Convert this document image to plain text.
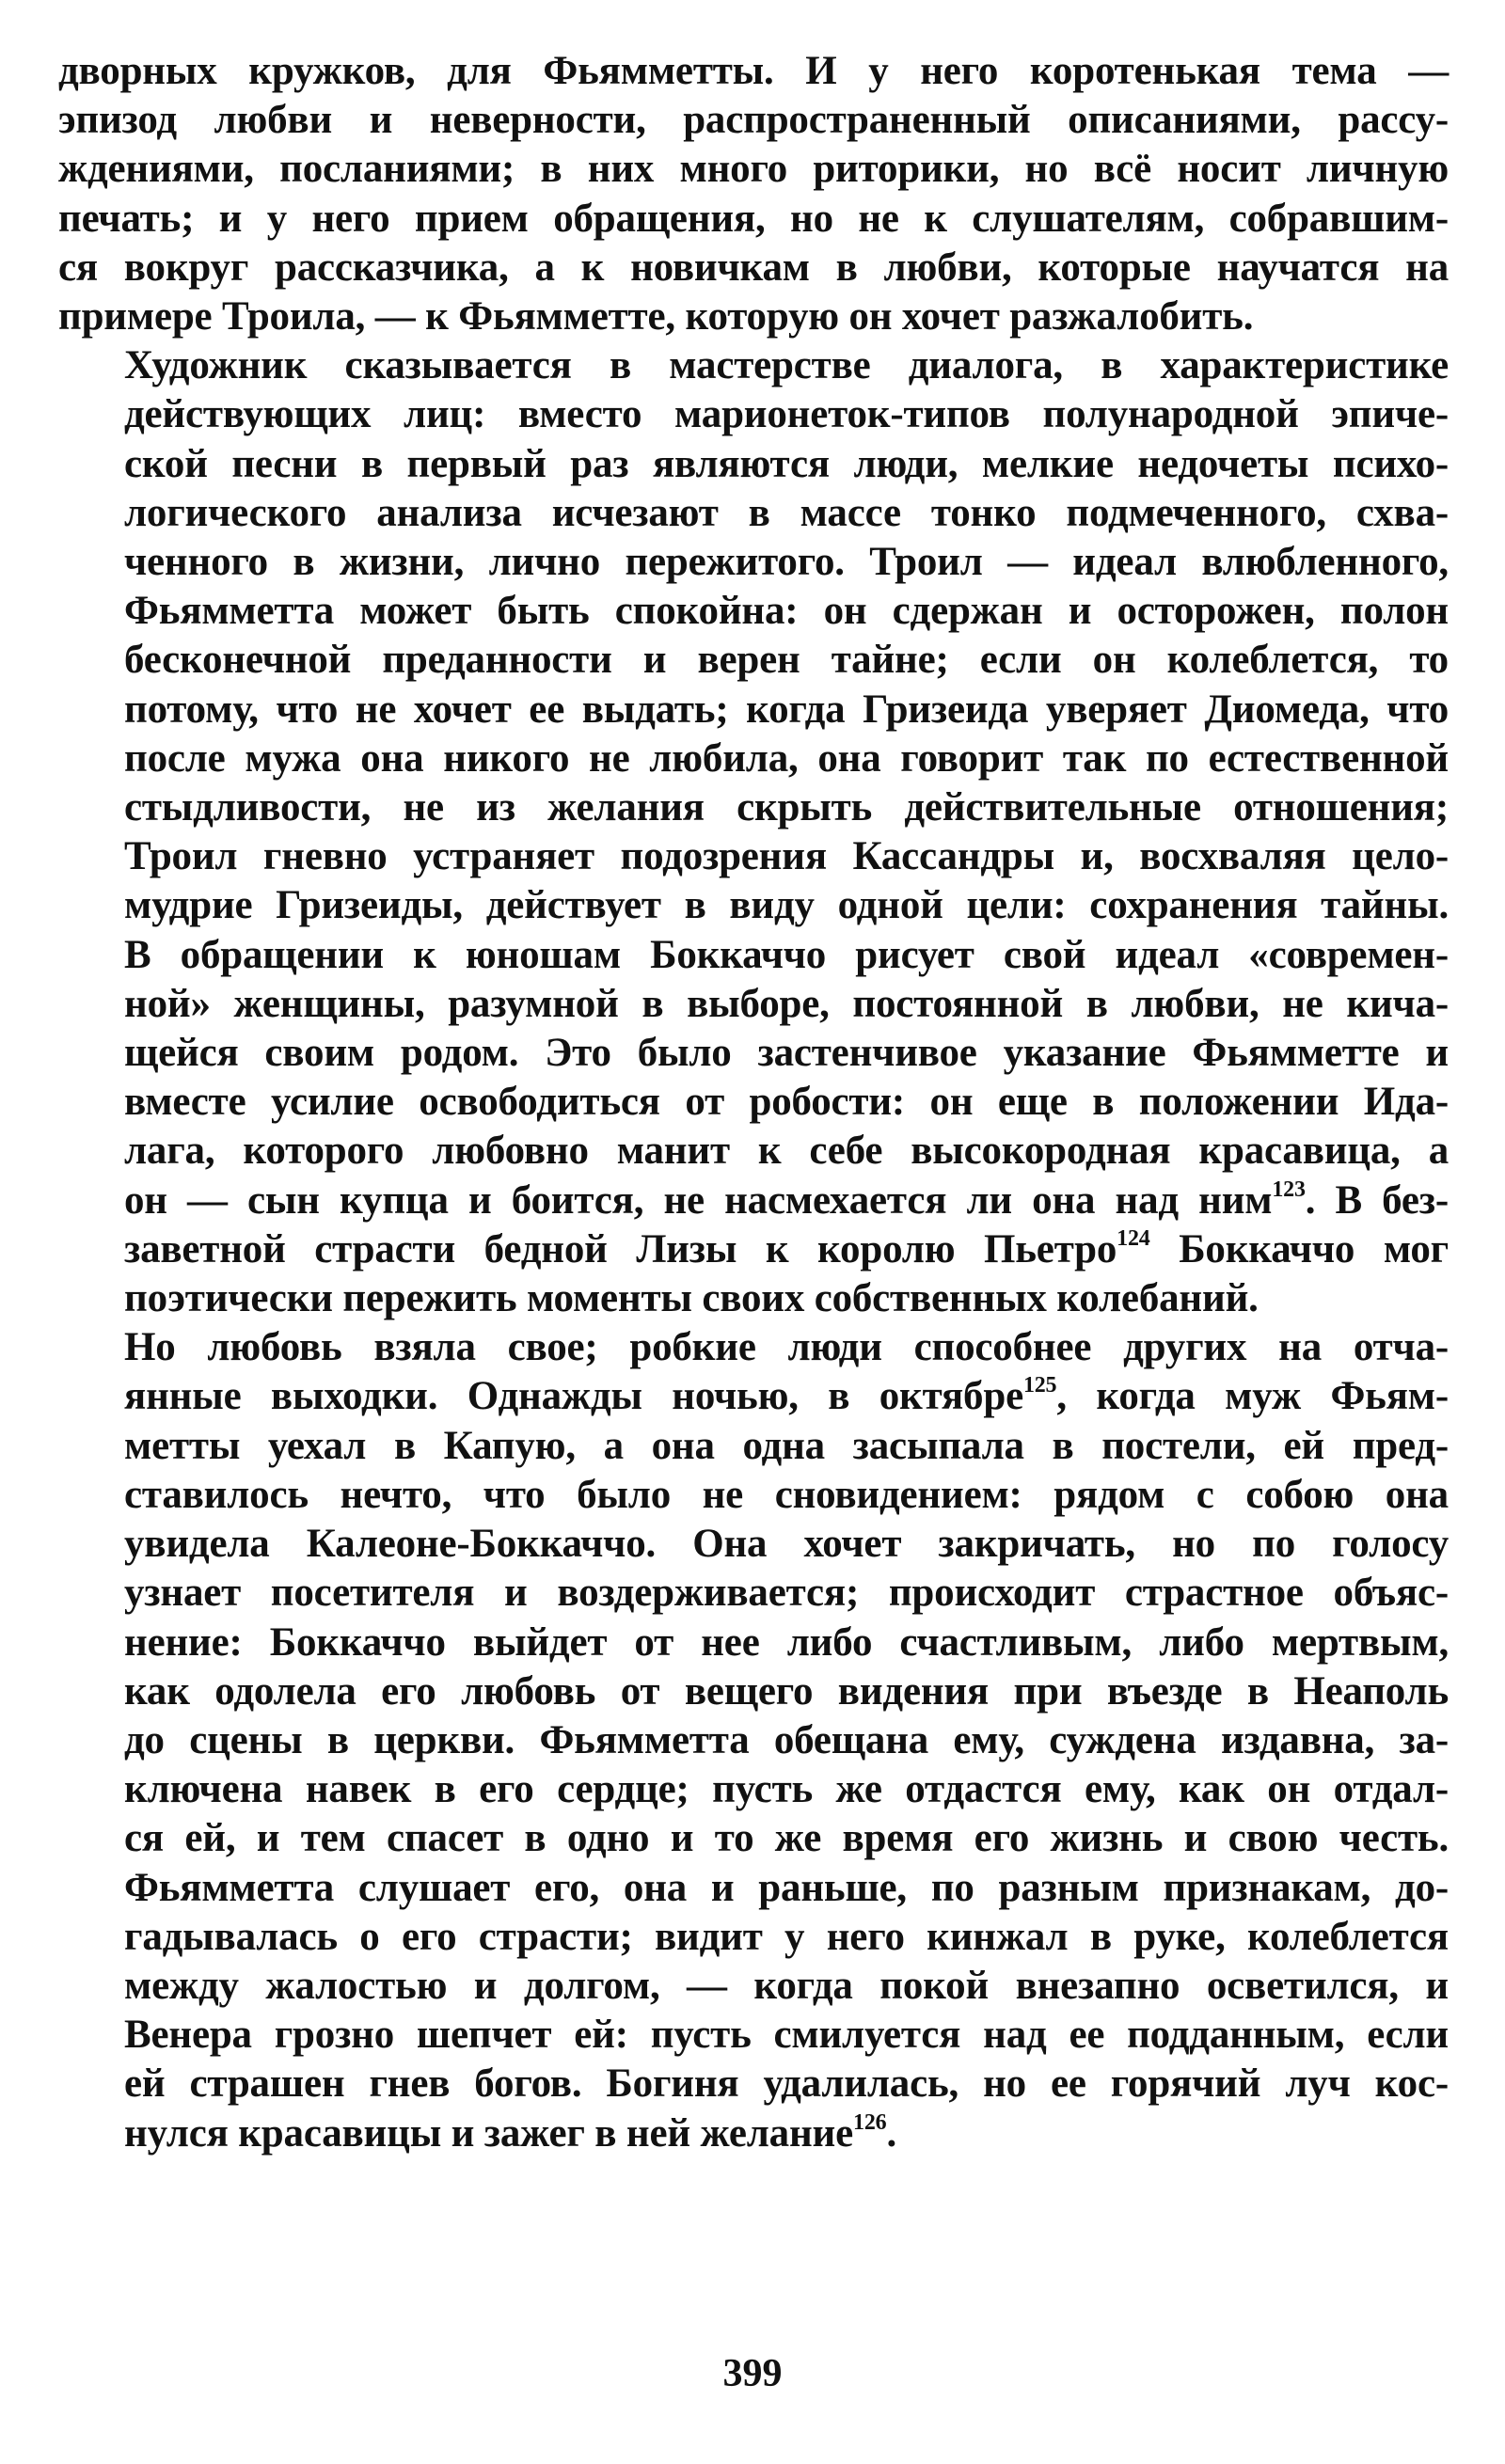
дворных кружков, для Фьямметты. И у него коротенькая тема —
эпизод любви и неверности, распространенный описаниями, рассу-
ждениями, посланиями; в них много риторики, но всё носит личную
печать; и у него прием обращения, но не к слушателям, собравшим-
ся вокруг рассказчика, а к новичкам в любви, которые научатся на
примере Троила, — к Фьямметте, которую он хочет разжалобить.

Художник сказывается в мастерстве диалога, в характеристике
действующих лиц: вместо марионеток-типов полународной эпиче-
ской песни в первый раз являются люди, мелкие недочеты психо-
логического анализа исчезают в массе тонко подмеченного, схва-
ченного в жизни, лично пережитого. Троил — идеал влюбленного,
Фьямметта может быть спокойна: он сдержан и осторожен, полон
бесконечной преданности и верен тайне; если он колеблется, то
потому, что не хочет ее выдать; когда Гризеида уверяет Диомеда, что
после мужа она никого не любила, она говорит так по естественной
стыдливости, не из желания скрыть действительные отношения;
Троил гневно устраняет подозрения Кассандры и, восхваляя цело-
мудрие Гризеиды, действует в виду одной цели: сохранения тайны.
В обращении к юношам Боккаччо рисует свой идеал «современ-
ной» женщины, разумной в выборе, постоянной в любви, не кича-
щейся своим родом. Это было застенчивое указание Фьямметте и
вместе усилие освободиться от робости: он еще в положении Ида-
лага, которого любовно манит к себе высокородная красавица, а
он — сын купца и боится, не насмехается ли она над ним$^{123}$. В без-
заветной страсти бедной Лизы к королю Пьетро$^{124}$ Боккаччо мог
поэтически пережить моменты своих собственных колебаний.

Но любовь взяла свое; робкие люди способнее других на отча-
янные выходки. Однажды ночью, в октябре$^{125}$, когда муж Фьям-
метты уехал в Капую, а она одна засыпала в постели, ей пред-
ставилось нечто, что было не сновидением: рядом с собою она
увидела Калеоне-Боккаччо. Она хочет закричать, но по голосу
узнает посетителя и воздерживается; происходит страстное объяс-
нение: Боккаччо выйдет от нее либо счастливым, либо мертвым,
как одолела его любовь от вещего видения при въезде в Неаполь
до сцены в церкви. Фьямметта обещана ему, суждена издавна, за-
ключена навек в его сердце; пусть же отдастся ему, как он отдал-
ся ей, и тем спасет в одно и то же время его жизнь и свою честь.
Фьямметта слушает его, она и раньше, по разным признакам, до-
гадывалась о его страсти; видит у него кинжал в руке, колеблется
между жалостью и долгом, — когда покой внезапно осветился, и
Венера грозно шепчет ей: пусть смилуется над ее подданным, если
ей страшен гнев богов. Богиня удалилась, но ее горячий луч кос-
нулся красавицы и зажег в ней желание$^{126}$.

399
